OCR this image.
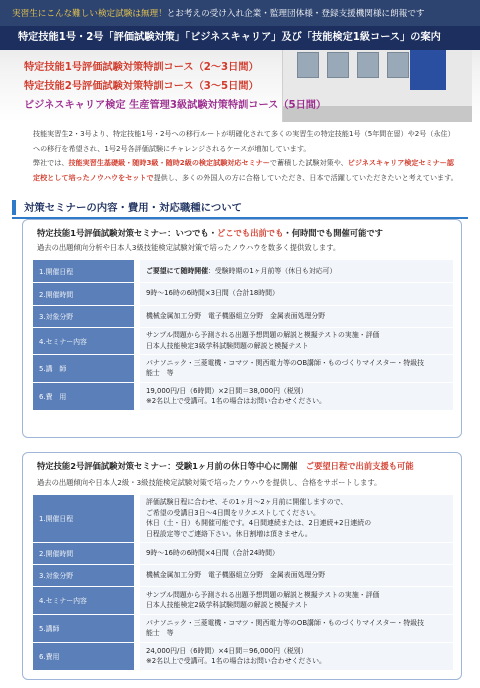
実習生にこんな難しい検定試験は無理！とお考えの受け入れ企業・監理団体様・登録支援機関様に朗報です
特定技能1号・2号「評価試験対策」「ビジネスキャリア」及び「技能検定1級コース」の案内
特定技能1号評価試験対策特訓コース（2〜3日間）
特定技能2号評価試験対策特訓コース（3〜5日間）
ビジネスキャリア検定 生産管理3級試験対策特訓コース（5日間）

技能実習生2・3号より、特定技能1号・2号への移行ルートが明確化されて多くの実習生の特定技能1号（5年間在留）や2号（永住）への移行を希望され、1号2号各評価試験にチャレンジされるケースが増加しています。

弊社では、技能実習生基礎級・随時3級・随時2級の検定試験対応セミナーで蓄積した試験対策や、ビジネスキャリア検定セミナー認定校として培ったノウハウをセットで提供し、多くの外国人の方に合格していただき、日本で活躍していただきたいと考えています。

対策セミナーの内容・費用・対応職種について
特定技能1号評価試験対策セミナー：いつでも・どこでも出前でも・何時間でも開催可能です
過去の出題傾向分析や日本人3級技能検定試験対策で培ったノウハウを数多く提供致します。
1.開催日程	ご要望にて随時開催：受験時期の1ヶ月前等（休日も対応可）
2.開催時間	9時〜16時の6時間×3日間（合計18時間）
3.対象分野	機械金属加工分野　電子機器組立分野　金属表面処理分野
4.セミナー内容	サンプル問題から予測される出題予想問題の解説と模擬テストの実施・評価
日本人技能検定3級学科試験問題の解説と模擬テスト

5.講　師	パナソニック・三菱電機・コマツ・関西電力等のOB講師・ものづくりマイスター・特級技
能士　等

6.費　用	19,000円/日（6時間）×2日間＝38,000円（税別）
※2名以上で受講可。1名の場合はお問い合わせください。
特定技能2号評価試験対策セミナー：受験1ヶ月前の休日等中心に開催　ご要望日程で出前支援も可能
過去の出題傾向や日本人2級・3級技能検定試験対策で培ったノウハウを提供し、合格をサポートします。
1.開催日程	評価試験日程に合わせ、その1ヶ月〜2ヶ月前に開催しますので、
ご希望の受講日3日〜4日間をリクエストしてください。
休日（土・日）も開催可能です。4日間連続または、2日連続+2日連続の
日程設定等でご連絡下さい。休日割増は頂きません。

2.開催時間	9時〜16時の6時間×4日間（合計24時間）
3.対象分野	機械金属加工分野　電子機器組立分野　金属表面処理分野
4.セミナー内容	サンプル問題から予測される出題予想問題の解説と模擬テストの実施・評価
日本人技能検定2級学科試験問題の解説と模擬テスト

5.講師	パナソニック・三菱電機・コマツ・関西電力等のOB講師・ものづくりマイスター・特級技
能士　等

6.費用	24,000円/日（6時間）×4日間＝96,000円（税別）
※2名以上で受講可。1名の場合はお問い合わせください。
